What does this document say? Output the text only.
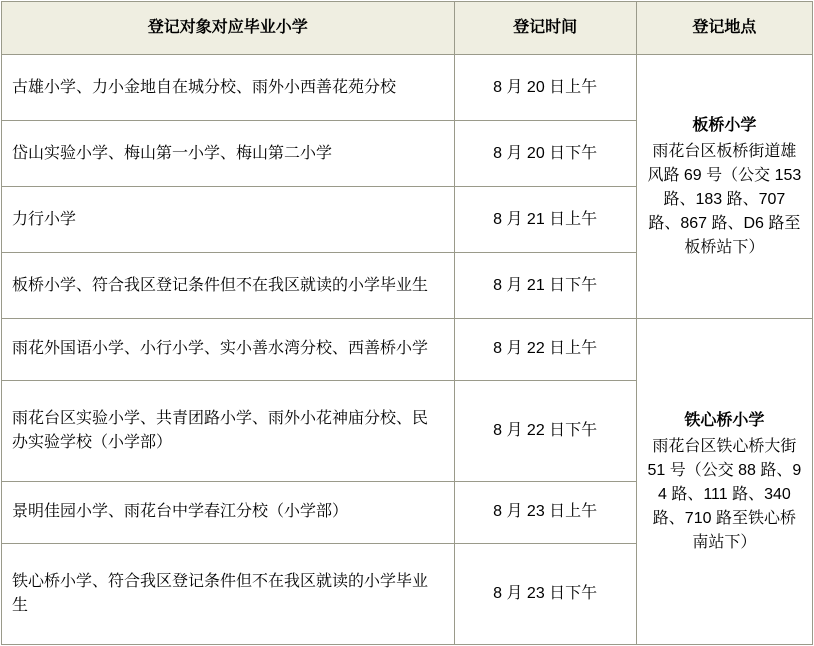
登记对象对应毕业小学	登记时间	登记地点
古雄小学、力小金地自在城分校、雨外小西善花苑分校	8 月 20 日上午	板桥小学
雨花台区板桥街道雄风路 69 号（公交 153 路、183 路、707 路、867 路、D6 路至板桥站下）

岱山实验小学、梅山第一小学、梅山第二小学	8 月 20 日下午	
力行小学	8 月 21 日上午	
板桥小学、符合我区登记条件但不在我区就读的小学毕业生	8 月 21 日下午	
雨花外国语小学、小行小学、实小善水湾分校、西善桥小学	8 月 22 日上午	铁心桥小学
雨花台区铁心桥大街 51 号（公交 88 路、94 路、111 路、340 路、710 路至铁心桥南站下）

雨花台区实验小学、共青团路小学、雨外小花神庙分校、民办实验学校（小学部）	8 月 22 日下午	
景明佳园小学、雨花台中学春江分校（小学部）	8 月 23 日上午	
铁心桥小学、符合我区登记条件但不在我区就读的小学毕业生	8 月 23 日下午	
